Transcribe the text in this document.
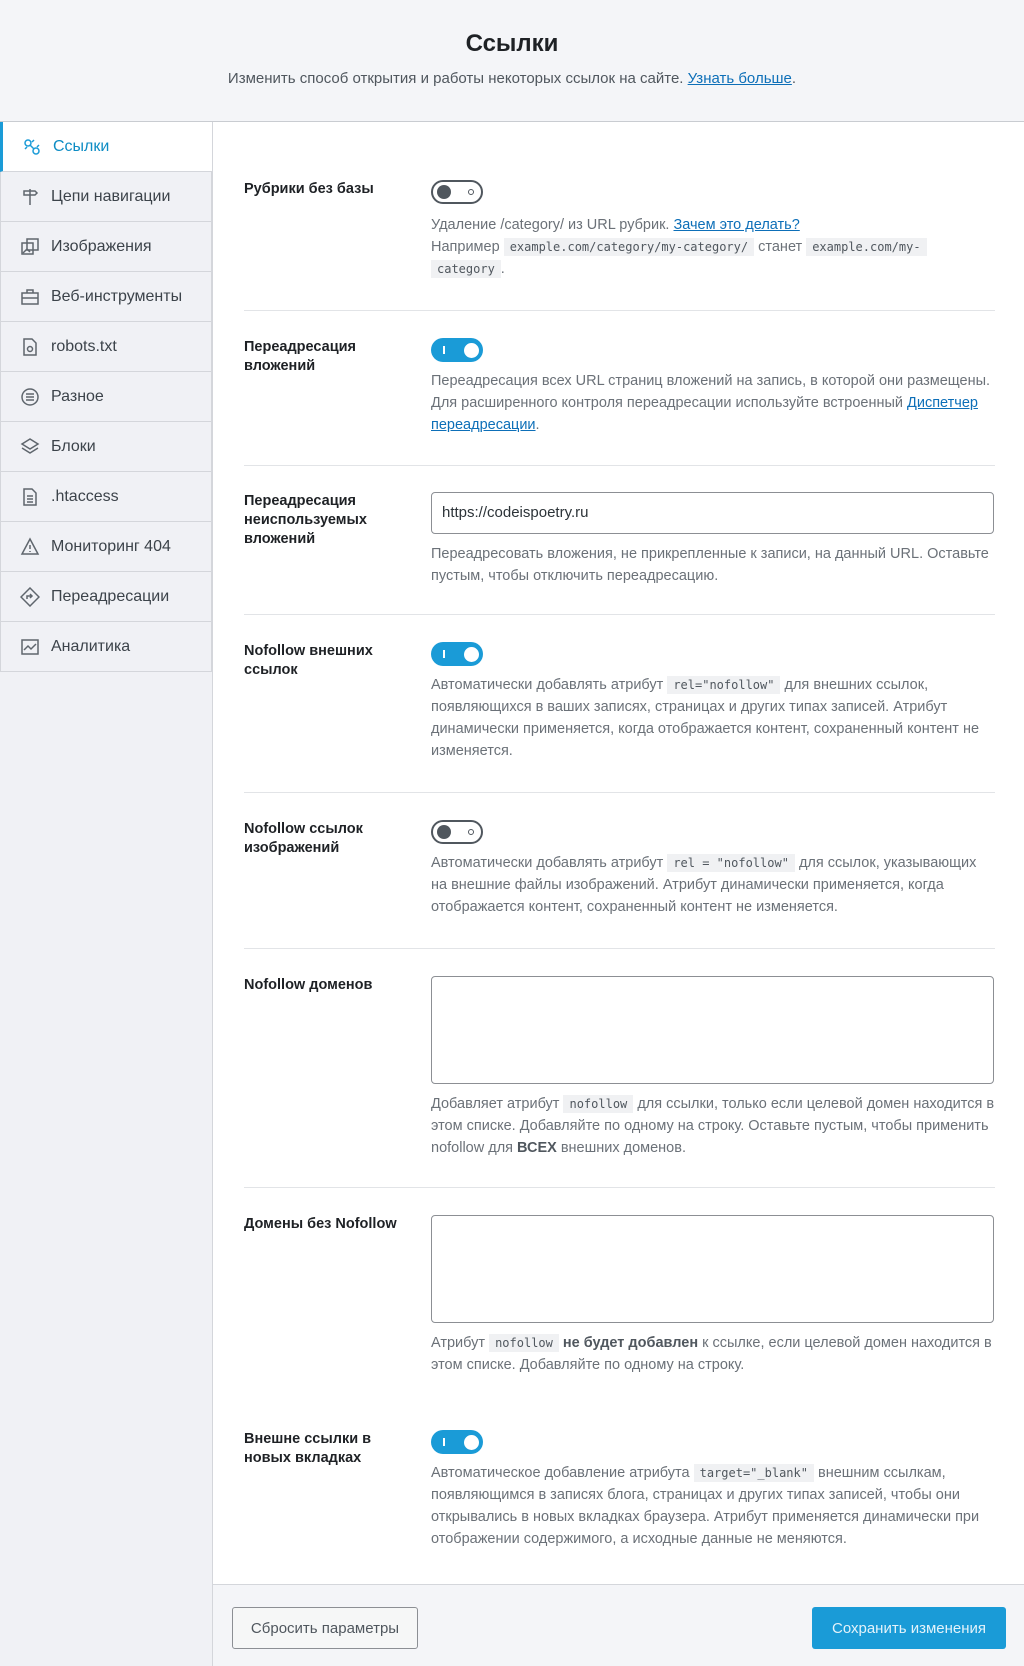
Ссылки
Изменить способ открытия и работы некоторых ссылок на сайте. Узнать больше.
Ссылки
Цепи навигации
Изображения
Веб-инструменты
robots.txt
Разное
Блоки
.htaccess
Мониторинг 404
Переадресации
Аналитика
Рубрики без базы
Удаление /category/ из URL рубрик. Зачем это делать?
Например example.com/category/my-category/ станет example.com/my-
category .
Переадресация вложений
Переадресация всех URL страниц вложений на запись, в которой они размещены. Для расширенного контроля переадресации используйте встроенный Диспетчер переадресации.
Переадресация неиспользуемых вложений
https://codeispoetry.ru
Переадресовать вложения, не прикрепленные к записи, на данный URL. Оставьте пустым, чтобы отключить переадресацию.
Nofollow внешних ссылок
Автоматически добавлять атрибут rel="nofollow" для внешних ссылок, появляющихся в ваших записях, страницах и других типах записей. Атрибут динамически применяется, когда отображается контент, сохраненный контент не изменяется.
Nofollow ссылок изображений
Автоматически добавлять атрибут rel = "nofollow" для ссылок, указывающих на внешние файлы изображений. Атрибут динамически применяется, когда отображается контент, сохраненный контент не изменяется.
Nofollow доменов
Добавляет атрибут nofollow для ссылки, только если целевой домен находится в этом списке. Добавляйте по одному на строку. Оставьте пустым, чтобы применить nofollow для ВСЕХ внешних доменов.
Домены без Nofollow
Атрибут nofollow не будет добавлен к ссылке, если целевой домен находится в этом списке. Добавляйте по одному на строку.
Внешне ссылки в новых вкладках
Автоматическое добавление атрибута target="_blank" внешним ссылкам, появляющимся в записях блога, страницах и других типах записей, чтобы они открывались в новых вкладках браузера. Атрибут применяется динамически при отображении содержимого, а исходные данные не меняются.
Сбросить параметры	Сохранить изменения
